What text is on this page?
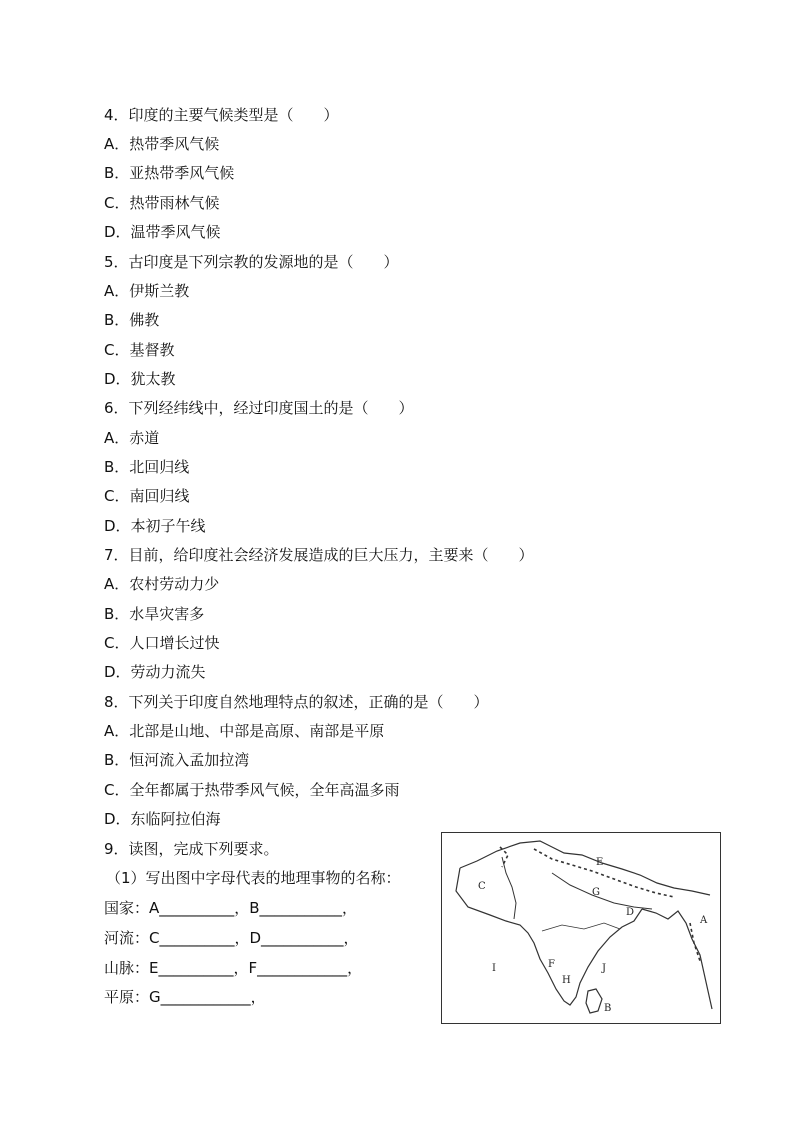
4．印度的主要气候类型是（　　）
A．热带季风气候
B．亚热带季风气候
C．热带雨林气候
D．温带季风气候
5．古印度是下列宗教的发源地的是（　　）
A．伊斯兰教
B．佛教
C．基督教
D．犹太教
6．下列经纬线中，经过印度国土的是（　　）
A．赤道
B．北回归线
C．南回归线
D．本初子午线
7．目前，给印度社会经济发展造成的巨大压力，主要来（　　）
A．农村劳动力少
B．水旱灾害多
C．人口增长过快
D．劳动力流失
8．下列关于印度自然地理特点的叙述，正确的是（　　）
A．北部是山地、中部是高原、南部是平原
B．恒河流入孟加拉湾
C．全年都属于热带季风气候，全年高温多雨
D．东临阿拉伯海
9．读图，完成下列要求。
（1）写出图中字母代表的地理事物的名称：
国家：A__________，B___________，
河流：C__________，D___________，
山脉：E__________，F____________，
平原：G____________，
E
C
G
D
A
I	F	J
H
B
